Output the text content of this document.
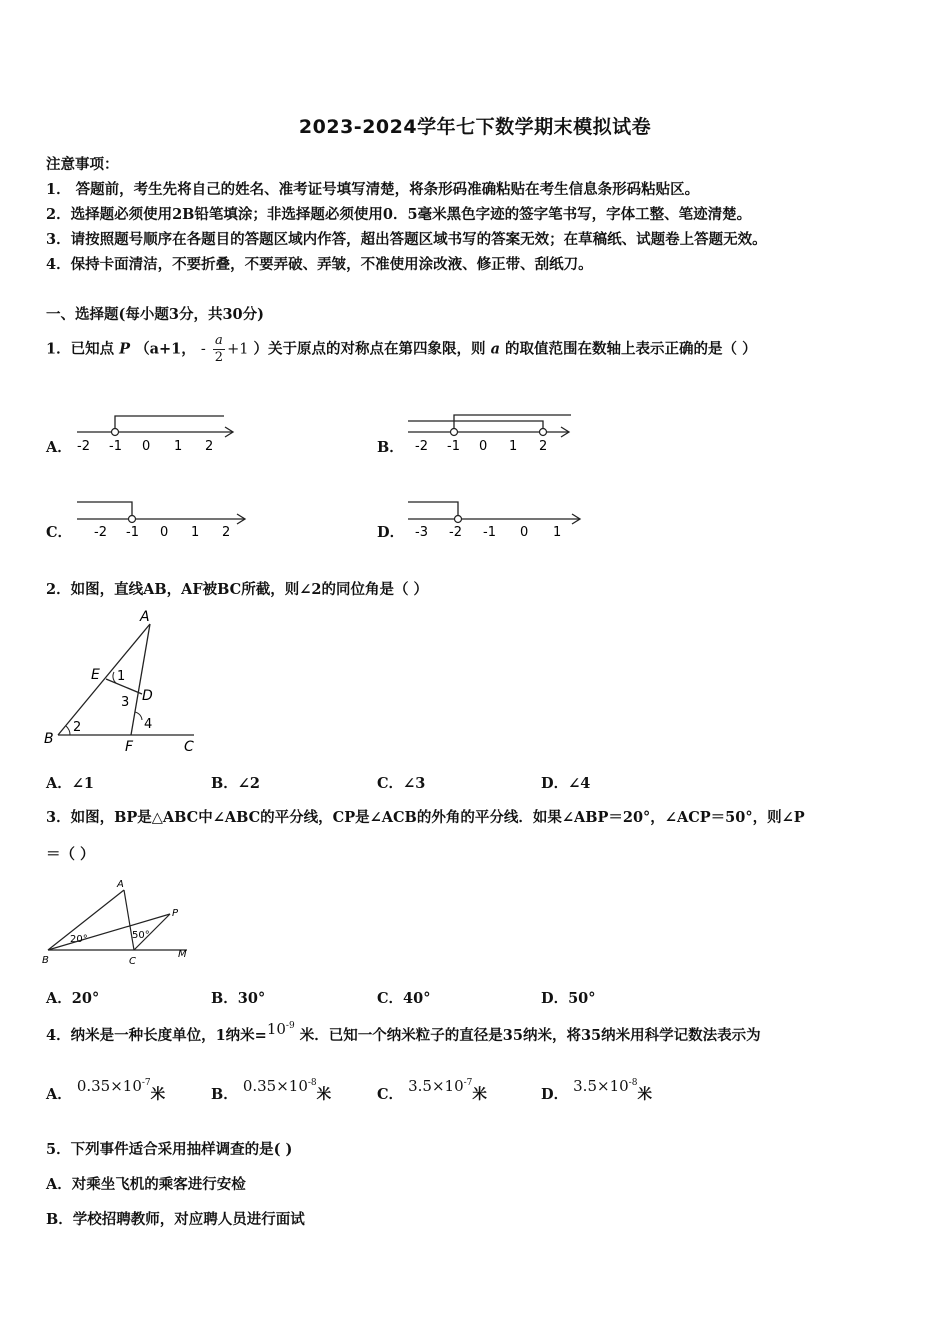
2023-2024学年七下数学期末模拟试卷
注意事项：
1． 答题前，考生先将自己的姓名、准考证号填写清楚，将条形码准确粘贴在考生信息条形码粘贴区。
2．选择题必须使用2B铅笔填涂；非选择题必须使用0．5毫米黑色字迹的签字笔书写，字体工整、笔迹清楚。
3．请按照题号顺序在各题目的答题区域内作答，超出答题区域书写的答案无效；在草稿纸、试题卷上答题无效。
4．保持卡面清洁，不要折叠，不要弄破、弄皱，不准使用涂改液、修正带、刮纸刀。
一、选择题(每小题3分，共30分)
1．已知点 P （a+1， - $\frac{a}{2} +1$ ）关于原点的对称点在第四象限，则 a 的取值范围在数轴上表示正确的是（ ）
A． -2 -1 0 1 2	B． -2 -1 0 1 2
C． -2 -1 0 1 2	D． -3 -2 -1 0 1
2．如图，直线AB，AF被BC所截，则∠2的同位角是（ ）
A
B	C
D
E
F
1
2
3
4
A．∠1	B．∠2	C．∠3	D．∠4
3．如图，BP是△ABC中∠ABC的平分线，CP是∠ACB的外角的平分线．如果∠ABP＝20°，∠ACP＝50°，则∠P
＝（ ）
A
B	C
P
M
20°	50°
A．20°	B．30°	C．40°	D．50°
4．纳米是一种长度单位，1纳米$=10^{-9}$ 米．已知一个纳米粒子的直径是35纳米，将35纳米用科学记数法表示为
A． $0.35\times 10^{-7}$米	B． $0.35\times 10^{-8}$米	C． $3.5\times 10^{-7}$米	D． $3.5\times 10^{-8}$米
5．下列事件适合采用抽样调查的是( )
A．对乘坐飞机的乘客进行安检
B．学校招聘教师，对应聘人员进行面试
